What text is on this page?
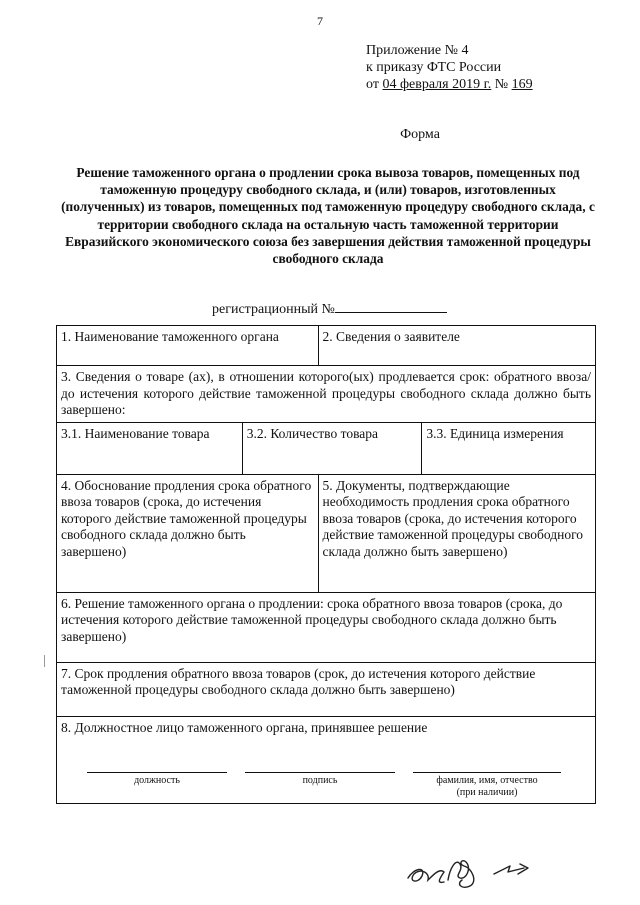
7
Приложение № 4
к приказу ФТС России
от 04 февраля 2019 г. № 169
Форма
Решение таможенного органа о продлении срока вывоза товаров, помещенных под таможенную процедуру свободного склада, и (или) товаров, изготовленных (полученных) из товаров, помещенных под таможенную процедуру свободного склада, с территории свободного склада на остальную часть таможенной территории Евразийского экономического союза без завершения действия таможенной процедуры свободного склада
регистрационный №
1. Наименование таможенного органа		2. Сведения о заявителе	
3. Сведения о товаре (ах), в отношении которого(ых) продлевается срок: обратного ввоза/ до истечения которого действие таможенной процедуры свободного склада должно быть завершено:			
3.1. Наименование товара	3.2. Количество товара		3.3. Единица измерения
4. Обоснование продления срока обратного ввоза товаров (срока, до истечения которого действие таможенной процедуры свободного склада должно быть завершено)		5. Документы, подтверждающие необходимость продления срока обратного ввоза товаров (срока, до истечения которого действие таможенной процедуры свободного склада должно быть завершено)	
6. Решение таможенного органа о продлении: срока обратного ввоза товаров (срока, до истечения которого действие таможенной процедуры свободного склада должно быть завершено)			
7. Срок продления обратного ввоза товаров (срок, до истечения которого действие таможенной процедуры свободного склада должно быть завершено)			

8. Должностное лицо таможенного органа, принявшее решение
должность подпись фамилия, имя, отчество
(при наличии)			
